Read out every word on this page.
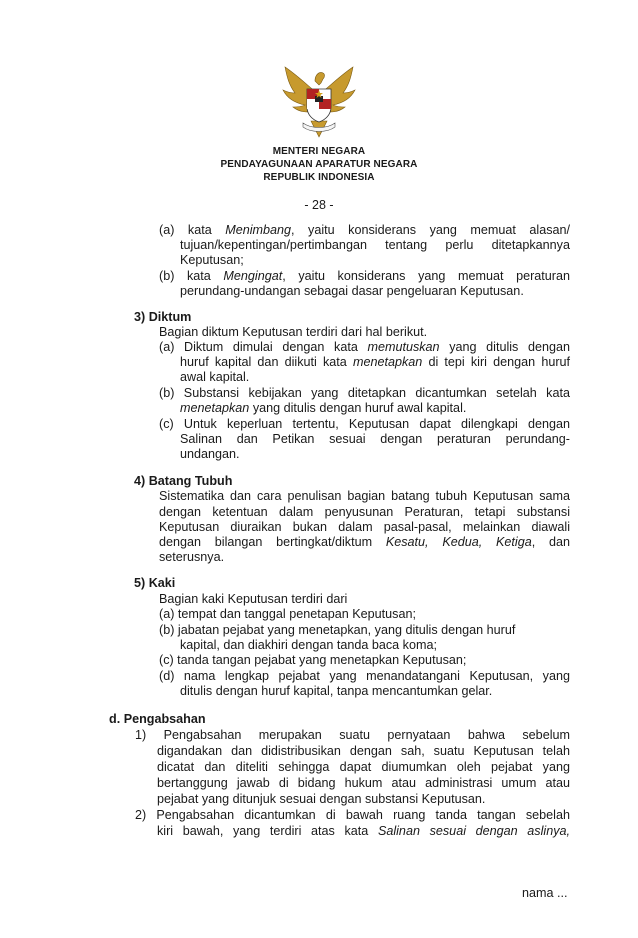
MENTERI NEGARA
PENDAYAGUNAAN APARATUR NEGARA
REPUBLIK INDONESIA
- 28 -
(a) kata Menimbang, yaitu konsiderans yang memuat alasan/
tujuan/kepentingan/pertimbangan tentang perlu ditetapkannya
Keputusan;
(b) kata Mengingat, yaitu konsiderans yang memuat peraturan
perundang-undangan sebagai dasar pengeluaran Keputusan.
3) Diktum
Bagian diktum Keputusan terdiri dari hal berikut.
(a) Diktum dimulai dengan kata memutuskan yang ditulis dengan
huruf kapital dan diikuti kata menetapkan di tepi kiri dengan huruf
awal kapital.
(b) Substansi kebijakan yang ditetapkan dicantumkan setelah kata
menetapkan yang ditulis dengan huruf awal kapital.
(c) Untuk keperluan tertentu, Keputusan dapat dilengkapi dengan
Salinan dan Petikan sesuai dengan peraturan perundang-
undangan.
4) Batang Tubuh
Sistematika dan cara penulisan bagian batang tubuh Keputusan sama
dengan ketentuan dalam penyusunan Peraturan, tetapi substansi
Keputusan diuraikan bukan dalam pasal-pasal, melainkan diawali
dengan bilangan bertingkat/diktum Kesatu, Kedua, Ketiga, dan
seterusnya.
5) Kaki
Bagian kaki Keputusan terdiri dari
(a) tempat dan tanggal penetapan Keputusan;
(b) jabatan pejabat yang menetapkan, yang ditulis dengan huruf
kapital, dan diakhiri dengan tanda baca koma;
(c) tanda tangan pejabat yang menetapkan Keputusan;
(d) nama lengkap pejabat yang menandatangani Keputusan, yang
ditulis dengan huruf kapital, tanpa mencantumkan gelar.
d. Pengabsahan
1) Pengabsahan merupakan suatu pernyataan bahwa sebelum
digandakan dan didistribusikan dengan sah, suatu Keputusan telah
dicatat dan diteliti sehingga dapat diumumkan oleh pejabat yang
bertanggung jawab di bidang hukum atau administrasi umum atau
pejabat yang ditunjuk sesuai dengan substansi Keputusan.
2) Pengabsahan dicantumkan di bawah ruang tanda tangan sebelah
kiri bawah, yang terdiri atas kata Salinan sesuai dengan aslinya,
nama ...
